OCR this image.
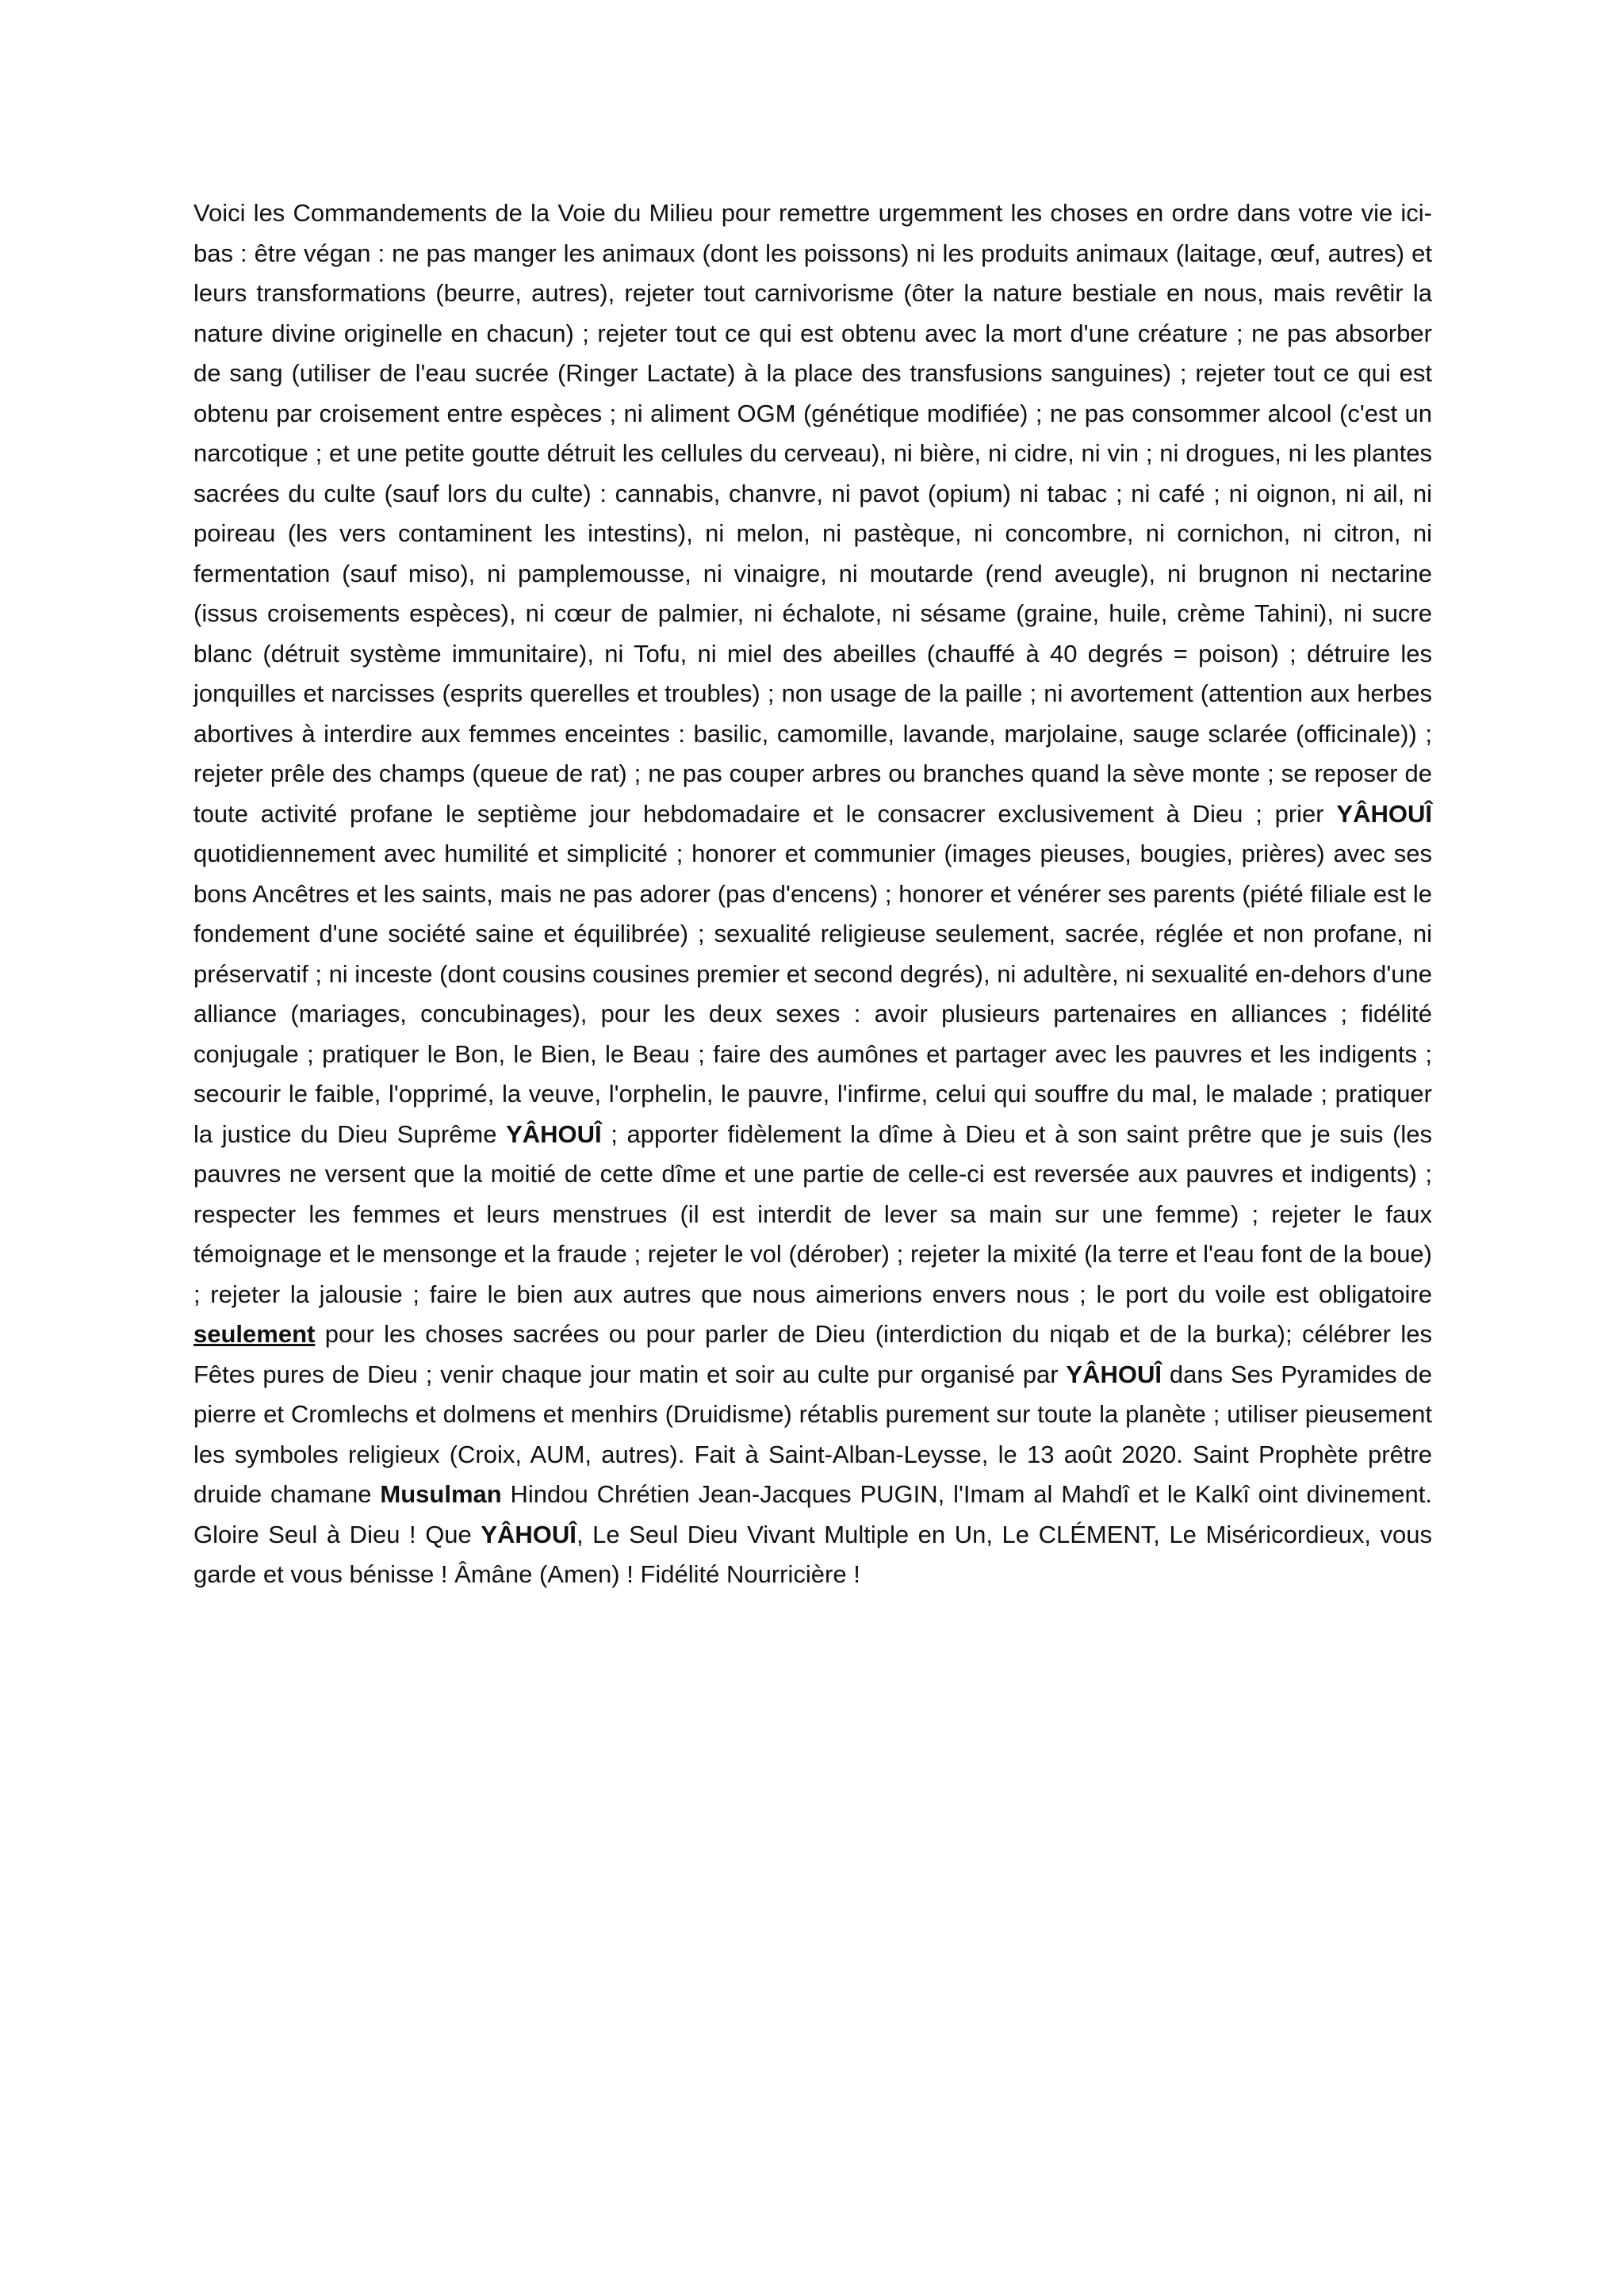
Voici les Commandements de la Voie du Milieu pour remettre urgemment les choses en ordre dans votre vie ici-bas : être végan : ne pas manger les animaux (dont les poissons) ni les produits animaux (laitage, œuf, autres) et leurs transformations (beurre, autres), rejeter tout carnivorisme (ôter la nature bestiale en nous, mais revêtir la nature divine originelle en chacun) ; rejeter tout ce qui est obtenu avec la mort d'une créature ; ne pas absorber de sang (utiliser de l'eau sucrée (Ringer Lactate) à la place des transfusions sanguines) ; rejeter tout ce qui est obtenu par croisement entre espèces ; ni aliment OGM (génétique modifiée) ; ne pas consommer alcool (c'est un narcotique ; et une petite goutte détruit les cellules du cerveau), ni bière, ni cidre, ni vin ; ni drogues, ni les plantes sacrées du culte (sauf lors du culte) : cannabis, chanvre, ni pavot (opium) ni tabac ; ni café ; ni oignon, ni ail, ni poireau (les vers contaminent les intestins), ni melon, ni pastèque, ni concombre, ni cornichon, ni citron, ni fermentation (sauf miso), ni pamplemousse, ni vinaigre, ni moutarde (rend aveugle), ni brugnon ni nectarine (issus croisements espèces), ni cœur de palmier, ni échalote, ni sésame (graine, huile, crème Tahini), ni sucre blanc (détruit système immunitaire), ni Tofu, ni miel des abeilles (chauffé à 40 degrés = poison) ; détruire les jonquilles et narcisses (esprits querelles et troubles) ; non usage de la paille ; ni avortement (attention aux herbes abortives à interdire aux femmes enceintes : basilic, camomille, lavande, marjolaine, sauge sclarée (officinale)) ; rejeter prêle des champs (queue de rat) ; ne pas couper arbres ou branches quand la sève monte ; se reposer de toute activité profane le septième jour hebdomadaire et le consacrer exclusivement à Dieu ; prier YÂHOUÎ quotidiennement avec humilité et simplicité ; honorer et communier (images pieuses, bougies, prières) avec ses bons Ancêtres et les saints, mais ne pas adorer (pas d'encens) ; honorer et vénérer ses parents (piété filiale est le fondement d'une société saine et équilibrée) ; sexualité religieuse seulement, sacrée, réglée et non profane, ni préservatif ; ni inceste (dont cousins cousines premier et second degrés), ni adultère, ni sexualité en-dehors d'une alliance (mariages, concubinages), pour les deux sexes : avoir plusieurs partenaires en alliances ; fidélité conjugale ; pratiquer le Bon, le Bien, le Beau ; faire des aumônes et partager avec les pauvres et les indigents ; secourir le faible, l'opprimé, la veuve, l'orphelin, le pauvre, l'infirme, celui qui souffre du mal, le malade ; pratiquer la justice du Dieu Suprême YÂHOUÎ ; apporter fidèlement la dîme à Dieu et à son saint prêtre que je suis (les pauvres ne versent que la moitié de cette dîme et une partie de celle-ci est reversée aux pauvres et indigents) ; respecter les femmes et leurs menstrues (il est interdit de lever sa main sur une femme) ; rejeter le faux témoignage et le mensonge et la fraude ; rejeter le vol (dérober) ; rejeter la mixité (la terre et l'eau font de la boue) ; rejeter la jalousie ; faire le bien aux autres que nous aimerions envers nous ; le port du voile est obligatoire seulement pour les choses sacrées ou pour parler de Dieu (interdiction du niqab et de la burka); célébrer les Fêtes pures de Dieu ; venir chaque jour matin et soir au culte pur organisé par YÂHOUÎ dans Ses Pyramides de pierre et Cromlechs et dolmens et menhirs (Druidisme) rétablis purement sur toute la planète ; utiliser pieusement les symboles religieux (Croix, AUM, autres). Fait à Saint-Alban-Leysse, le 13 août 2020. Saint Prophète prêtre druide chamane Musulman Hindou Chrétien Jean-Jacques PUGIN, l'Imam al Mahdî et le Kalkî oint divinement. Gloire Seul à Dieu ! Que YÂHOUÎ, Le Seul Dieu Vivant Multiple en Un, Le CLÉMENT, Le Miséricordieux, vous garde et vous bénisse ! Âmâne (Amen) ! Fidélité Nourricière !
